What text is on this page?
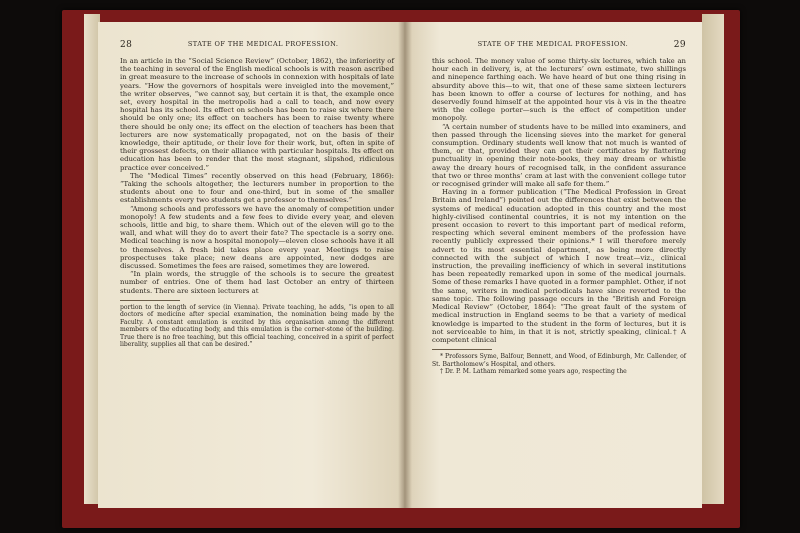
28	STATE OF THE MEDICAL PROFESSION.

In an article in the “Social Science Review” (October, 1862), the inferiority of the teaching in several of the English medical schools is with reason ascribed in great measure to the increase of schools in connexion with hospitals of late years. “How the governors of hospitals were inveigled into the movement,” the writer observes, “we cannot say, but certain it is that, the example once set, every hospital in the metropolis had a call to teach, and now every hospital has its school. Its effect on schools has been to raise six where there should be only one; its effect on teachers has been to raise twenty where there should be only one; its effect on the election of teachers has been that lecturers are now systematically propagated, not on the basis of their knowledge, their aptitude, or their love for their work, but, often in spite of their grossest defects, on their alliance with particular hospitals. Its effect on education has been to render that the most stagnant, slipshod, ridiculous practice ever conceived.”

The “Medical Times” recently observed on this head (February, 1866): “Taking the schools altogether, the lecturers number in proportion to the students about one to four and one-third, but in some of the smaller establishments every two students get a professor to themselves.”

“Among schools and professors we have the anomaly of competition under monopoly! A few students and a few fees to divide every year, and eleven schools, little and big, to share them. Which out of the eleven will go to the wall, and what will they do to avert their fate? The spectacle is a sorry one. Medical teaching is now a hospital monopoly—eleven close schools have it all to themselves. A fresh bid takes place every year. Meetings to raise prospectuses take place; new deans are appointed, new dodges are discussed. Sometimes the fees are raised, sometimes they are lowered.

“In plain words, the struggle of the schools is to secure the greatest number of entries. One of them had last October an entry of thirteen students. There are sixteen lecturers at

portion to the length of service (in Vienna). Private teaching, he adds, “is open to all doctors of medicine after special examination, the nomination being made by the Faculty. A constant emulation is excited by this organisation among the different members of the educating body, and this emulation is the corner-stone of the building. True there is no free teaching, but this official teaching, conceived in a spirit of perfect liberality, supplies all that can be desired.”

STATE OF THE MEDICAL PROFESSION.	29

this school. The money value of some thirty-six lectures, which take an hour each in delivery, is, at the lecturers’ own estimate, two shillings and ninepence farthing each. We have heard of but one thing rising in absurdity above this—to wit, that one of these same sixteen lecturers has been known to offer a course of lectures for nothing, and has deservedly found himself at the appointed hour vis à vis in the theatre with the college porter—such is the effect of competition under monopoly.

“A certain number of students have to be milled into examiners, and then passed through the licensing sieves into the market for general consumption. Ordinary students well know that not much is wanted of them, or that, provided they can get their certificates by flattering punctuality in opening their note-books, they may dream or whistle away the dreary hours of recognised talk, in the confident assurance that two or three months’ cram at last with the convenient college tutor or recognised grinder will make all safe for them.”

Having in a former publication (“The Medical Profession in Great Britain and Ireland”) pointed out the differences that exist between the systems of medical education adopted in this country and the most highly-civilised continental countries, it is not my intention on the present occasion to revert to this important part of medical reform, respecting which several eminent members of the profession have recently publicly expressed their opinions.* I will therefore merely advert to its most essential department, as being more directly connected with the subject of which I now treat—viz., clinical instruction, the prevailing inefficiency of which in several institutions has been repeatedly remarked upon in some of the medical journals. Some of these remarks I have quoted in a former pamphlet. Other, if not the same, writers in medical periodicals have since reverted to the same topic. The following passage occurs in the “British and Foreign Medical Review” (October, 1864): “The great fault of the system of medical instruction in England seems to be that a variety of medical knowledge is imparted to the student in the form of lectures, but it is not serviceable to him, in that it is not, strictly speaking, clinical.† A competent clinical

* Professors Syme, Balfour, Bennett, and Wood, of Edinburgh, Mr. Callender, of St. Bartholomew’s Hospital, and others.

† Dr. P. M. Latham remarked some years ago, respecting the
